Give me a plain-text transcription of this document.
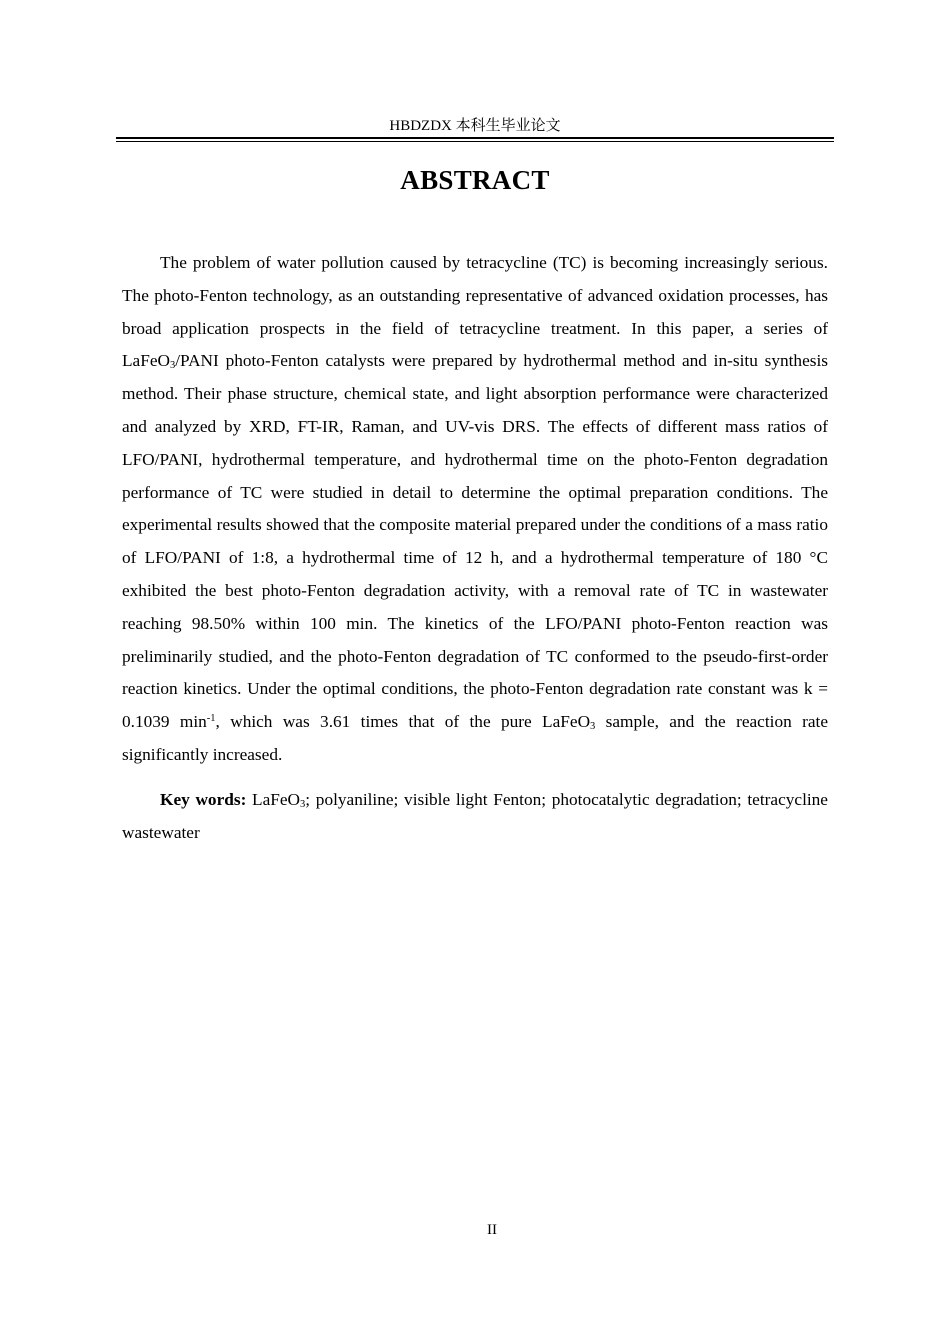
HBDZDX 本科生毕业论文
ABSTRACT

The problem of water pollution caused by tetracycline (TC) is becoming increasingly serious. The photo-Fenton technology, as an outstanding representative of advanced oxidation processes, has broad application prospects in the field of tetracycline treatment. In this paper, a series of LaFeO$_3$/PANI photo-Fenton catalysts were prepared by hydrothermal method and in-situ synthesis method. Their phase structure, chemical state, and light absorption performance were characterized and analyzed by XRD, FT-IR, Raman, and UV-vis DRS. The effects of different mass ratios of LFO/PANI, hydrothermal temperature, and hydrothermal time on the photo-Fenton degradation performance of TC were studied in detail to determine the optimal preparation conditions. The experimental results showed that the composite material prepared under the conditions of a mass ratio of LFO/PANI of 1:8, a hydrothermal time of 12 h, and a hydrothermal temperature of 180 °C exhibited the best photo-Fenton degradation activity, with a removal rate of TC in wastewater reaching 98.50% within 100 min. The kinetics of the LFO/PANI photo-Fenton reaction was preliminarily studied, and the photo-Fenton degradation of TC conformed to the pseudo-first-order reaction kinetics. Under the optimal conditions, the photo-Fenton degradation rate constant was k = 0.1039 $\min^{-1}$, which was 3.61 times that of the pure LaFeO$_3$ sample, and the reaction rate significantly increased.

Key words: LaFeO$_3$; polyaniline; visible light Fenton; photocatalytic degradation; tetracycline wastewater

II
